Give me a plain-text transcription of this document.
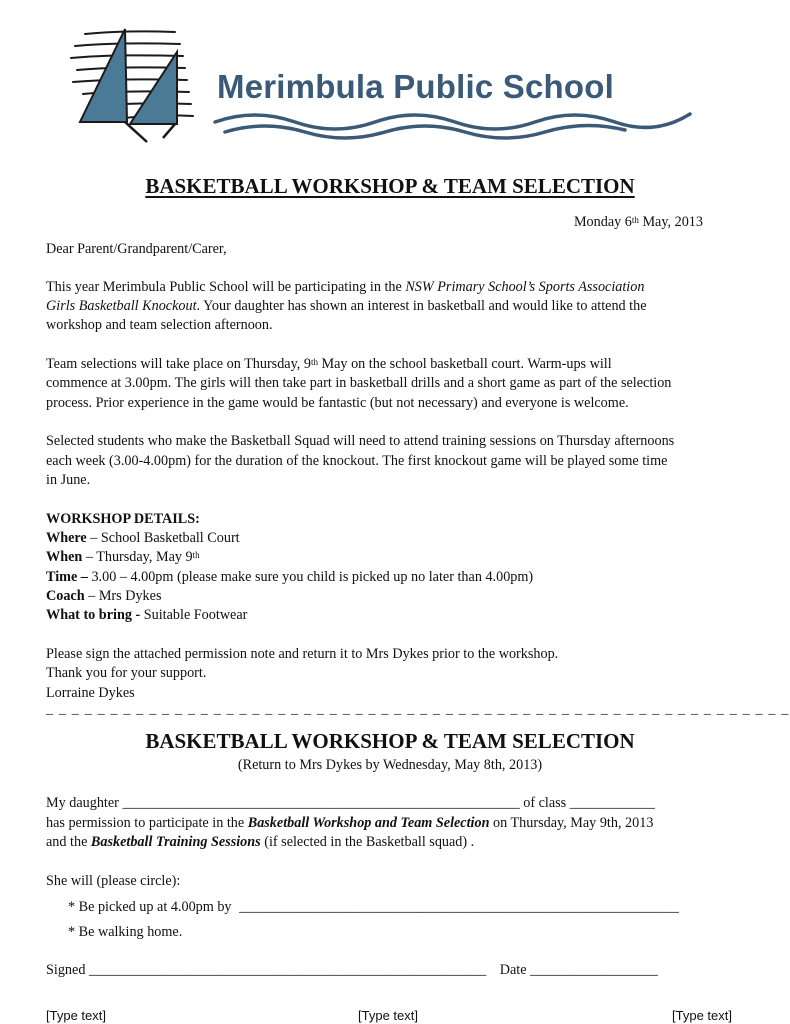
Merimbula Public School
BASKETBALL WORKSHOP & TEAM SELECTION
Monday 6th May, 2013
Dear Parent/Grandparent/Carer,
This year Merimbula Public School will be participating in the NSW Primary School’s Sports Association
Girls Basketball Knockout. Your daughter has shown an interest in basketball and would like to attend the
workshop and team selection afternoon.
Team selections will take place on Thursday, 9th May on the school basketball court. Warm-ups will
commence at 3.00pm. The girls will then take part in basketball drills and a short game as part of the selection
process. Prior experience in the game would be fantastic (but not necessary) and everyone is welcome.
Selected students who make the Basketball Squad will need to attend training sessions on Thursday afternoons
each week (3.00-4.00pm) for the duration of the knockout. The first knockout game will be played some time
in June.
WORKSHOP DETAILS:
Where – School Basketball Court
When – Thursday, May 9th
Time – 3.00 – 4.00pm (please make sure you child is picked up no later than 4.00pm)
Coach – Mrs Dykes
What to bring - Suitable Footwear
Please sign the attached permission note and return it to Mrs Dykes prior to the workshop.
Thank you for your support.
Lorraine Dykes
_ _ _ _ _ _ _ _ _ _ _ _ _ _ _ _ _ _ _ _ _ _ _ _ _ _ _ _ _ _ _ _ _ _ _ _ _ _ _ _ _ _ _ _ _ _ _ _ _ _ _ _ _ _ _ _ _ _
BASKETBALL WORKSHOP & TEAM SELECTION
(Return to Mrs Dykes by Wednesday, May 8th, 2013)
My daughter ________________________________________________________ of class ____________
has permission to participate in the Basketball Workshop and Team Selection on Thursday, May 9th, 2013
and the Basketball Training Sessions (if selected in the Basketball squad) .
She will (please circle):
* Be picked up at 4.00pm by ______________________________________________________________
* Be walking home.
Signed ________________________________________________________ Date __________________
[Type text]	[Type text]	[Type text]
